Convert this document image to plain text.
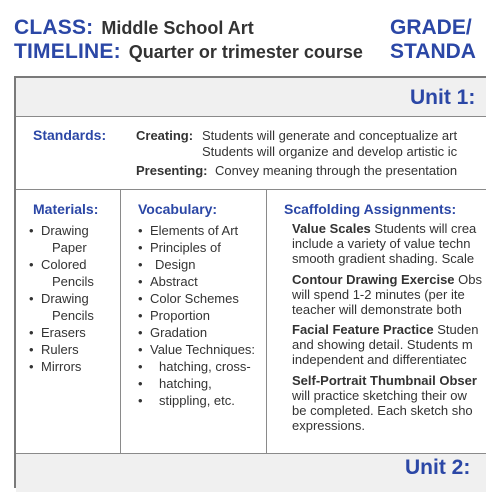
CLASS: Middle School Art
TIMELINE: Quarter or trimester course
GRADE/
STANDA
Unit 1:
Standards: Creating: Students will generate and conceptualize art
Students will organize and develop artistic ic
Presenting: Convey meaning through the presentation
Materials:
• Drawing
Paper
• Colored
Pencils
• Drawing
Pencils
• Erasers
• Rulers
• Mirrors
Vocabulary:
• Elements of Art
• Principles of
• Design
• Abstract
• Color Schemes
• Proportion
• Gradation
• Value Techniques:
• hatching, cross-
• hatching,
• stippling, etc.
Scaffolding Assignments:
Value Scales Students will crea
include a variety of value techn
smooth gradient shading. Scale
Contour Drawing Exercise Obs
will spend 1-2 minutes (per ite
teacher will demonstrate both
Facial Feature Practice Studen
and showing detail. Students m
independent and differentiatec
Self-Portrait Thumbnail Obser
will practice sketching their ow
be completed. Each sketch sho
expressions.
Unit 2:
